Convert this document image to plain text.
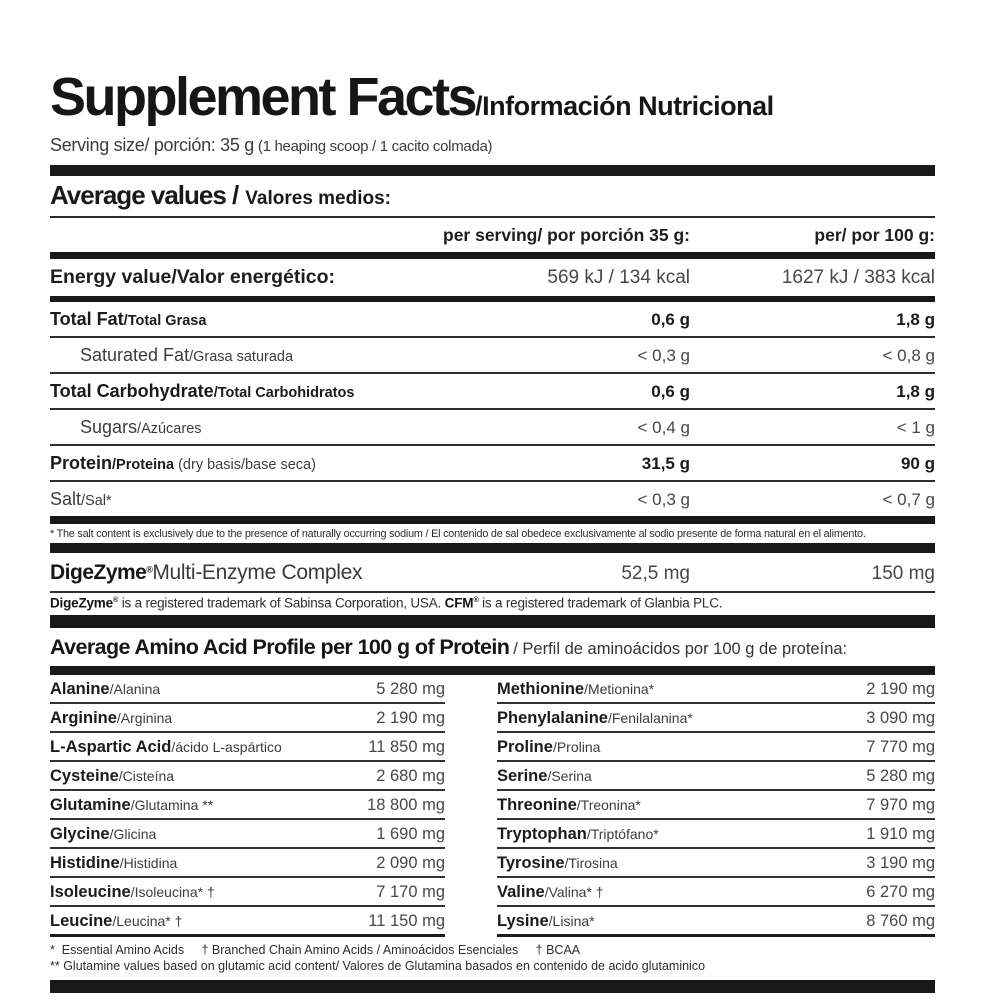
Supplement Facts /Información Nutricional
Serving size/ porción: 35 g (1 heaping scoop / 1 cacito colmada)
Average values / Valores medios:
per serving/ por porción 35 g:	per/ por 100 g:
Energy value/Valor energético:	569 kJ / 134 kcal	1627 kJ / 383 kcal
Total Fat/Total Grasa	0,6 g	1,8 g
Saturated Fat/Grasa saturada	< 0,3 g	< 0,8 g
Total Carbohydrate/Total Carbohidratos	0,6 g	1,8 g
Sugars/Azúcares	< 0,4 g	< 1 g
Protein/Proteina (dry basis/base seca)	31,5 g	90 g
Salt/Sal*	< 0,3 g	< 0,7 g
* The salt content is exclusively due to the presence of naturally occurring sodium / El contenido de sal obedece exclusivamente al sodio presente de forma natural en el alimento.
DigeZyme®Multi-Enzyme Complex	52,5 mg	150 mg
DigeZyme® is a registered trademark of Sabinsa Corporation, USA. CFM® is a registered trademark of Glanbia PLC.
Average Amino Acid Profile per 100 g of Protein / Perfil de aminoácidos por 100 g de proteína:
Alanine /Alanina	5 280 mg
Arginine /Arginina	2 190 mg
L-Aspartic Acid /ácido L-aspártico	11 850 mg
Cysteine /Cisteína	2 680 mg
Glutamine /Glutamina **	18 800 mg
Glycine /Glicina	1 690 mg
Histidine /Histidina	2 090 mg
Isoleucine /Isoleucina* †	7 170 mg
Leucine /Leucina* †	11 150 mg
Methionine /Metionina*	2 190 mg
Phenylalanine /Fenilalanina*	3 090 mg
Proline /Prolina	7 770 mg
Serine /Serina	5 280 mg
Threonine /Treonina*	7 970 mg
Tryptophan /Triptófano*	1 910 mg
Tyrosine /Tirosina	3 190 mg
Valine /Valina* †	6 270 mg
Lysine /Lisina*	8 760 mg
*  Essential Amino Acids     † Branched Chain Amino Acids / Aminoácidos Esenciales     † BCAA
** Glutamine values based on glutamic acid content/ Valores de Glutamina basados en contenido de acido glutaminico
